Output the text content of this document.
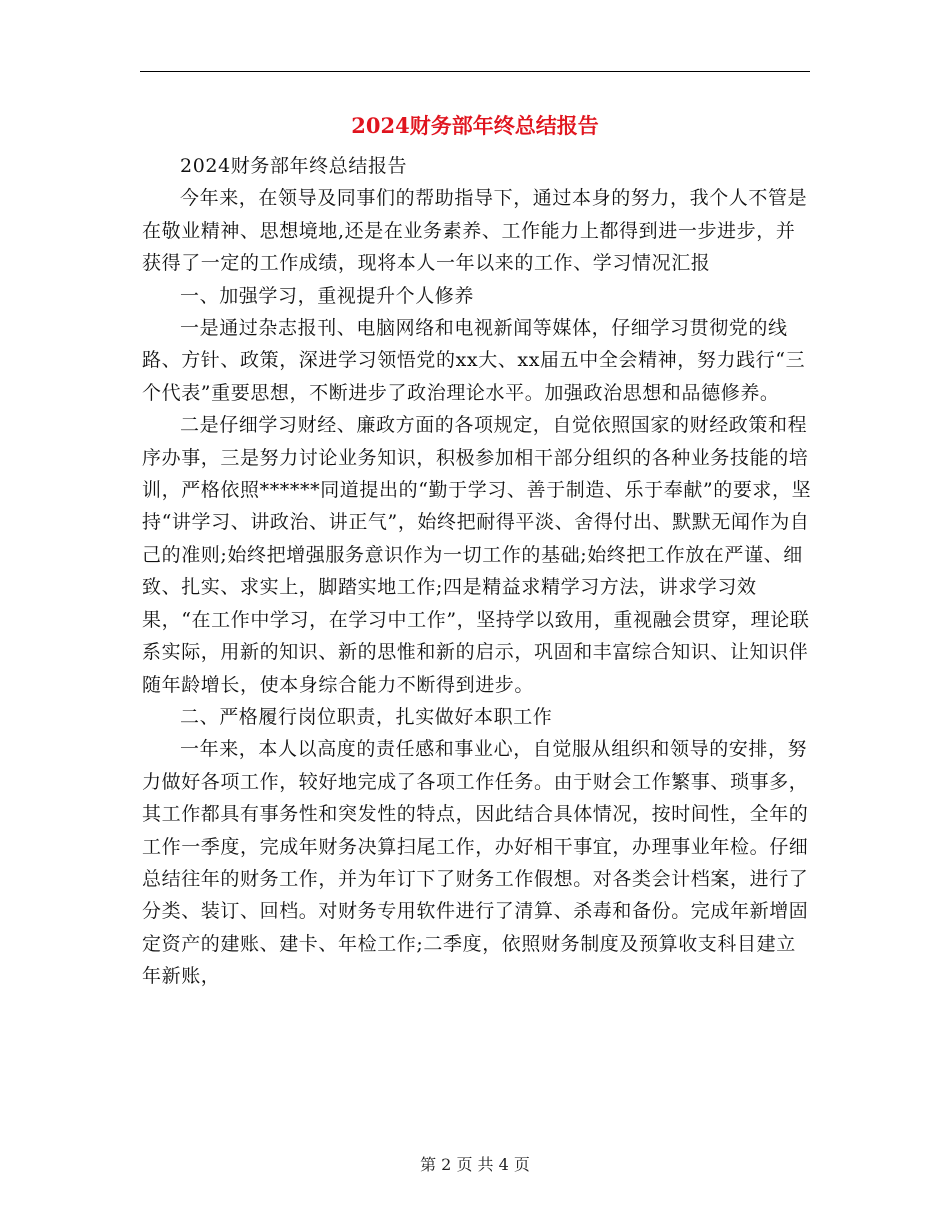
2024财务部年终总结报告

2024财务部年终总结报告

今年来，在领导及同事们的帮助指导下，通过本身的努力，我个人不管是在敬业精神、思想境地,还是在业务素养、工作能力上都得到进一步进步，并获得了一定的工作成绩，现将本人一年以来的工作、学习情况汇报

一、加强学习，重视提升个人修养

一是通过杂志报刊、电脑网络和电视新闻等媒体，仔细学习贯彻党的线路、方针、政策，深进学习领悟党的xx大、xx届五中全会精神，努力践行“三个代表”重要思想，不断进步了政治理论水平。加强政治思想和品德修养。

二是仔细学习财经、廉政方面的各项规定，自觉依照国家的财经政策和程序办事，三是努力讨论业务知识，积极参加相干部分组织的各种业务技能的培训，严格依照******同道提出的“勤于学习、善于制造、乐于奉献”的要求，坚持“讲学习、讲政治、讲正气”，始终把耐得平淡、舍得付出、默默无闻作为自己的准则;始终把增强服务意识作为一切工作的基础;始终把工作放在严谨、细致、扎实、求实上，脚踏实地工作;四是精益求精学习方法，讲求学习效果，“在工作中学习，在学习中工作”，坚持学以致用，重视融会贯穿，理论联系实际，用新的知识、新的思惟和新的启示，巩固和丰富综合知识、让知识伴随年龄增长，使本身综合能力不断得到进步。

二、严格履行岗位职责，扎实做好本职工作

一年来，本人以高度的责任感和事业心，自觉服从组织和领导的安排，努力做好各项工作，较好地完成了各项工作任务。由于财会工作繁事、琐事多，其工作都具有事务性和突发性的特点，因此结合具体情况，按时间性，全年的工作一季度，完成年财务决算扫尾工作，办好相干事宜，办理事业年检。仔细总结往年的财务工作，并为年订下了财务工作假想。对各类会计档案，进行了分类、装订、回档。对财务专用软件进行了清算、杀毒和备份。完成年新增固定资产的建账、建卡、年检工作;二季度，依照财务制度及预算收支科目建立年新账，

第 2 页 共 4 页
